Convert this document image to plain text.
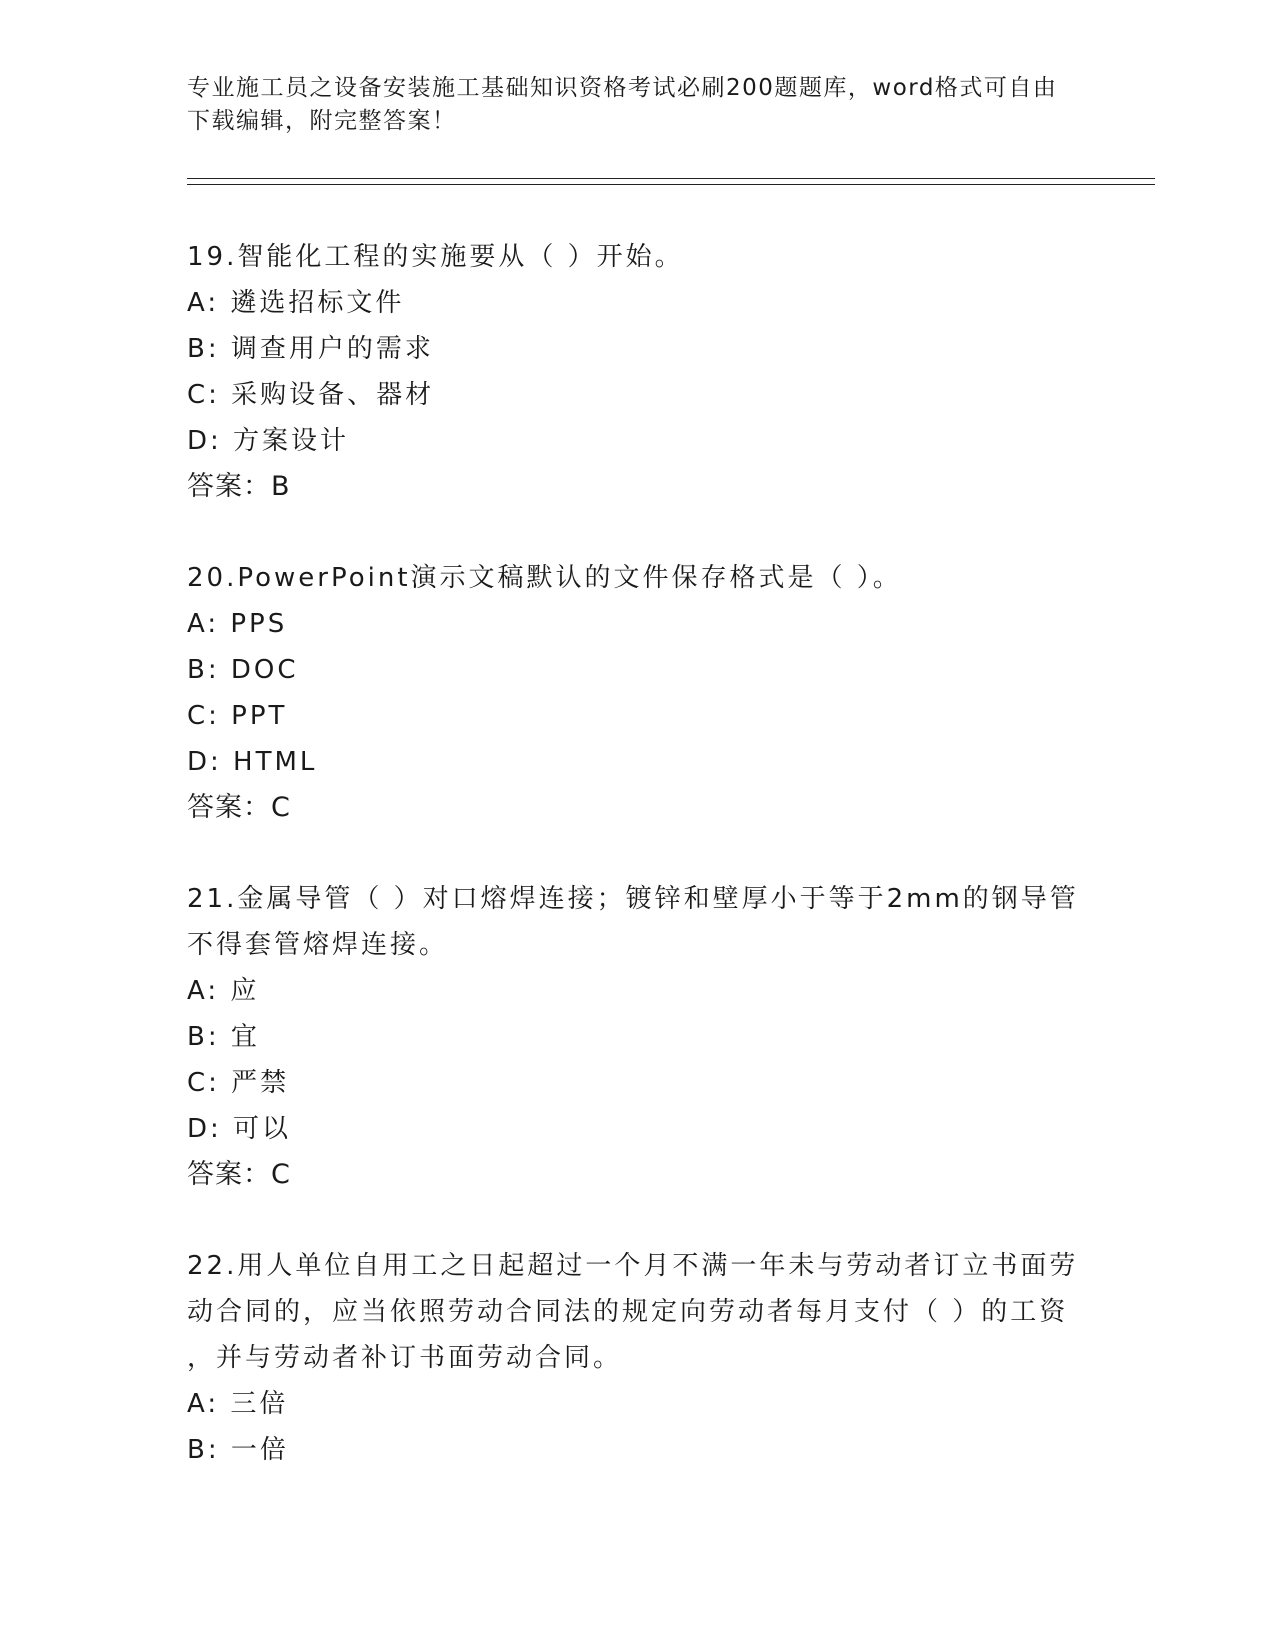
专业施工员之设备安装施工基础知识资格考试必刷200题题库，word格式可自由
下载编辑，附完整答案！
19.智能化工程的实施要从（ ）开始。
A: 遴选招标文件
B: 调查用户的需求
C: 采购设备、器材
D: 方案设计
答案：B
20.PowerPoint演示文稿默认的文件保存格式是（ ）。
A: PPS
B: DOC
C: PPT
D: HTML
答案：C
21.金属导管（ ）对口熔焊连接；镀锌和壁厚小于等于2mm的钢导管
不得套管熔焊连接。
A: 应
B: 宜
C: 严禁
D: 可以
答案：C
22.用人单位自用工之日起超过一个月不满一年未与劳动者订立书面劳
动合同的，应当依照劳动合同法的规定向劳动者每月支付（ ）的工资
，并与劳动者补订书面劳动合同。
A: 三倍
B: 一倍
